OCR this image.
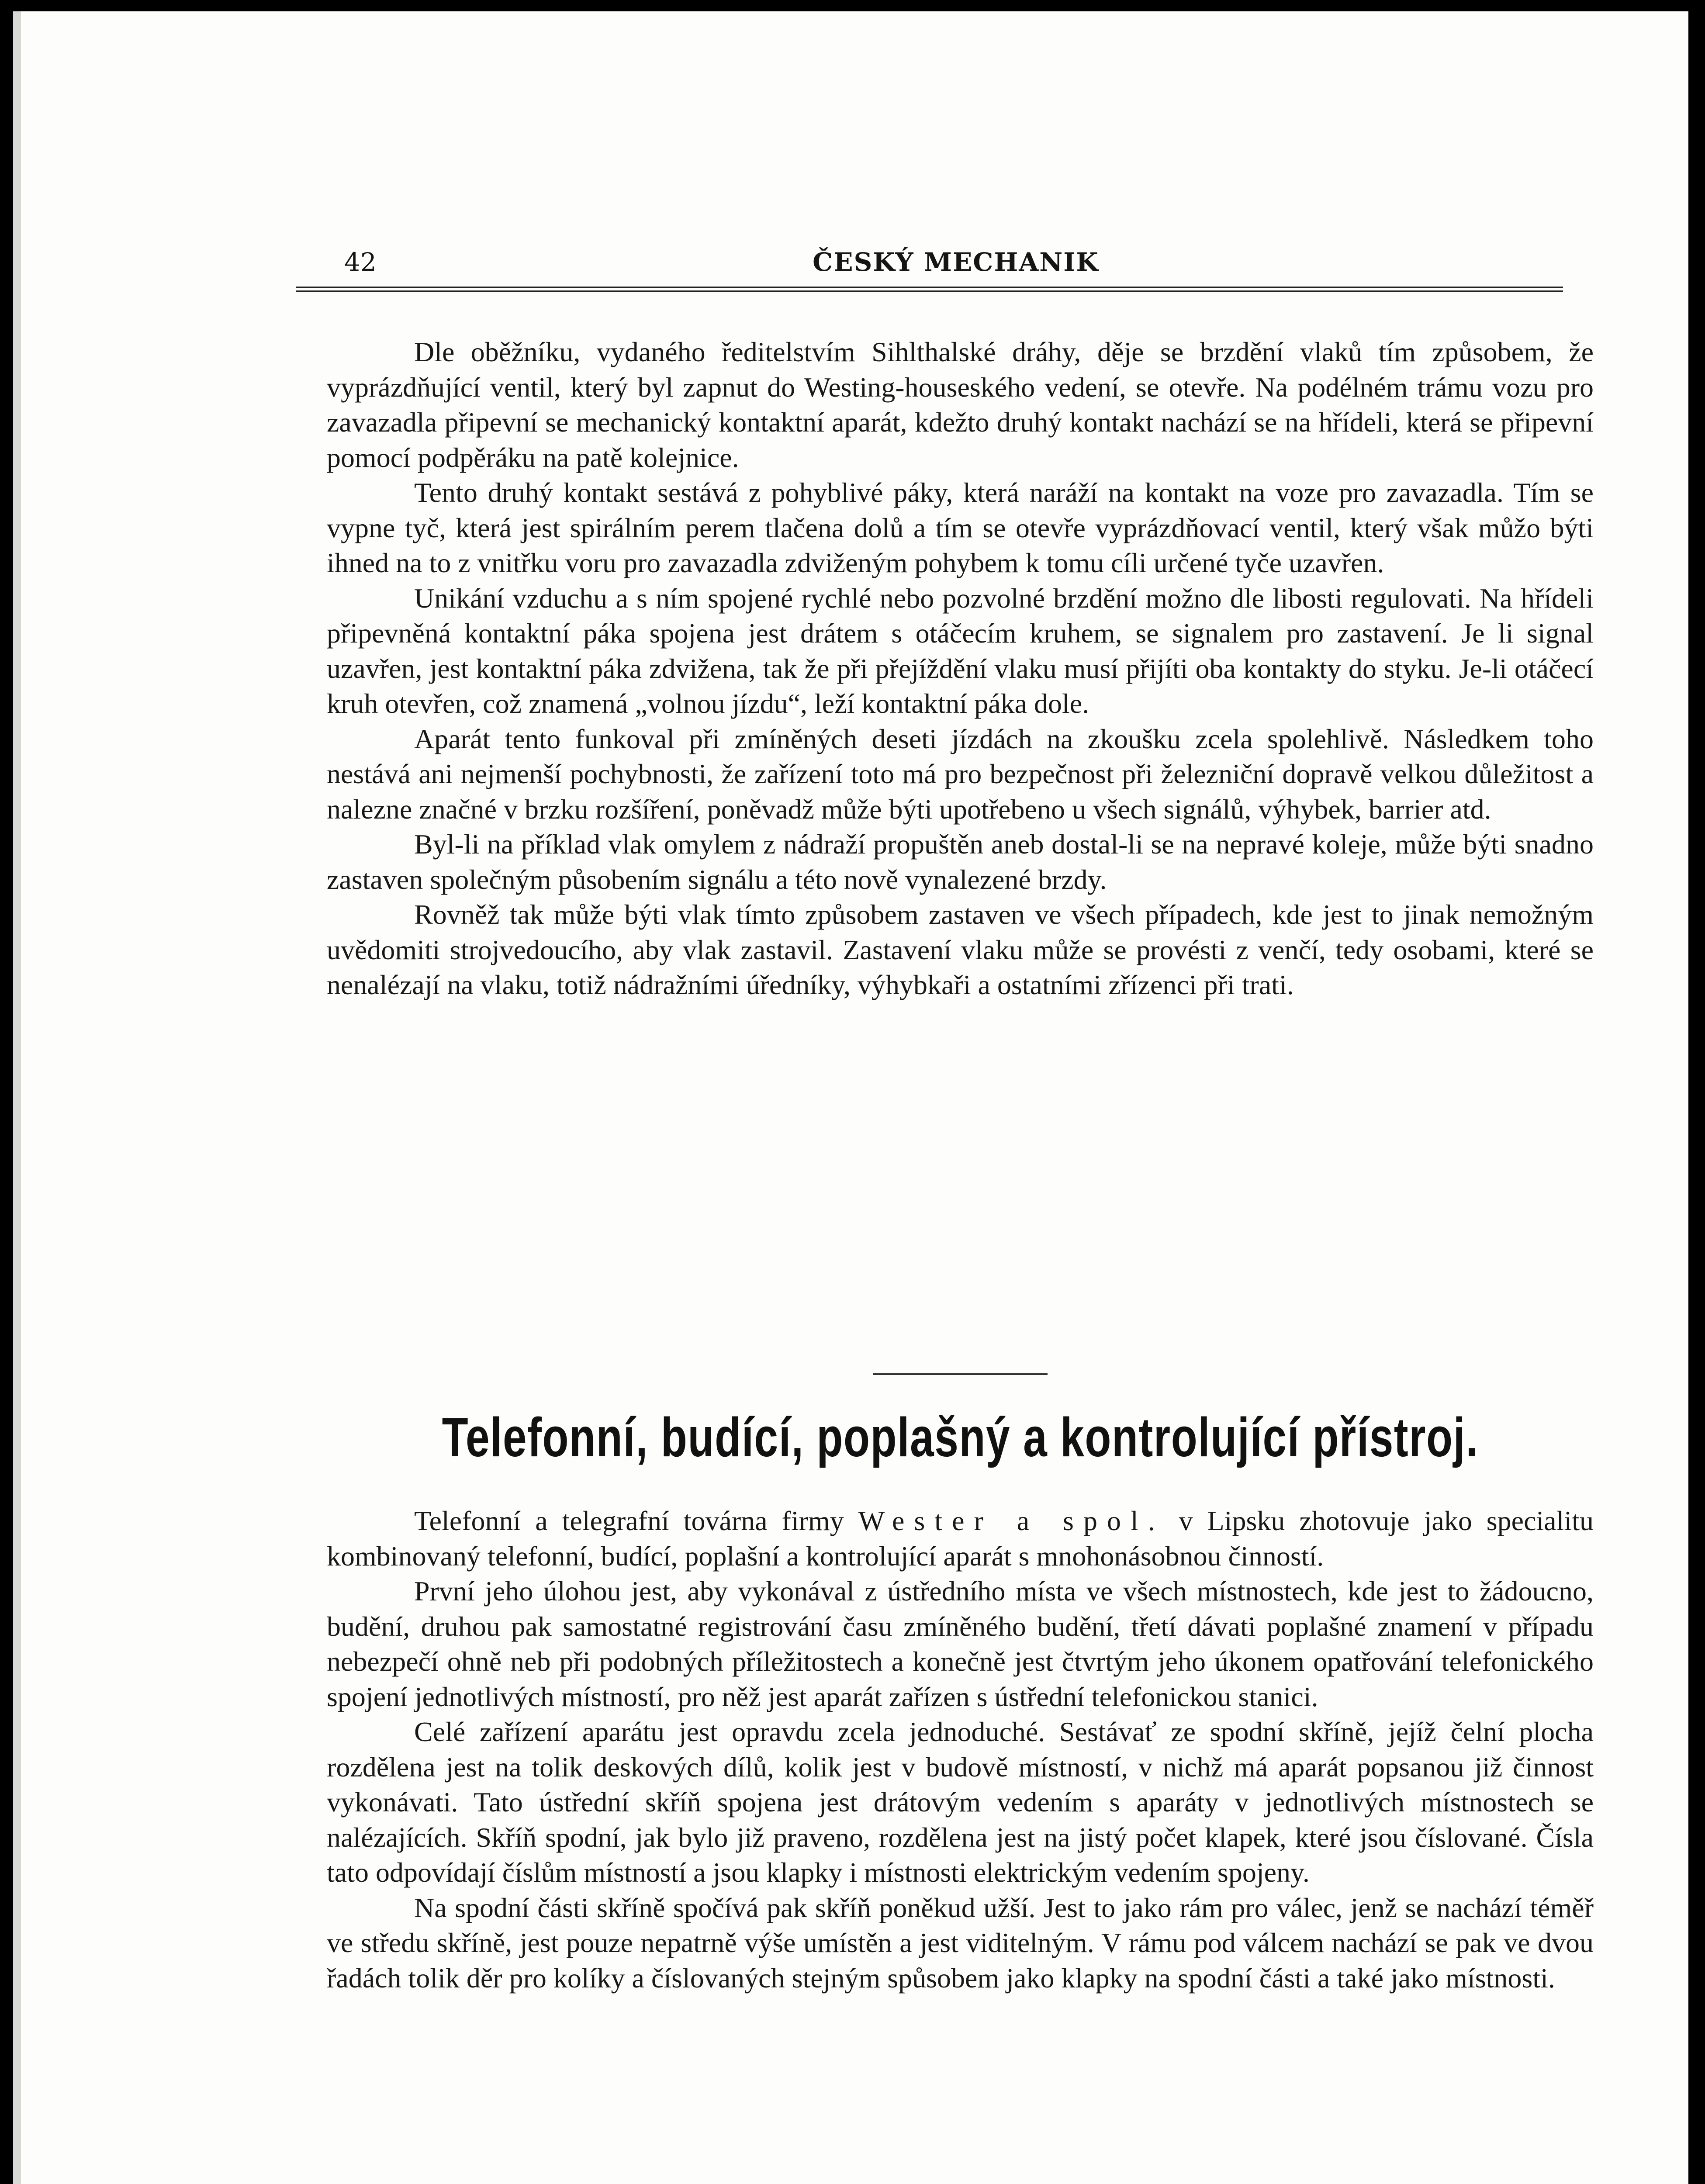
42	ČESKÝ MECHANIK

Dle oběžníku, vydaného ředitelstvím Sihlthalské dráhy, děje se brzdění vlaků tím způsobem, že vyprázdňující ventil, který byl zapnut do Westing-houseského vedení, se otevře. Na podélném trámu vozu pro zavazadla připevní se mechanický kontaktní aparát, kdežto druhý kontakt nachází se na hřídeli, která se připevní pomocí podpěráku na patě kolejnice.

Tento druhý kontakt sestává z pohyblivé páky, která naráží na kontakt na voze pro zavazadla. Tím se vypne tyč, která jest spirálním perem tlačena dolů a tím se otevře vyprázdňovací ventil, který však můžo býti ihned na to z vnitřku voru pro zavazadla zdviženým pohybem k tomu cíli určené tyče uzavřen.

Unikání vzduchu a s ním spojené rychlé nebo pozvolné brzdění možno dle libosti regulovati. Na hřídeli připevněná kontaktní páka spojena jest drátem s otáčecím kruhem, se signalem pro zastavení. Je li signal uzavřen, jest kontaktní páka zdvižena, tak že při přejíždění vlaku musí přijíti oba kontakty do styku. Je-li otáčecí kruh otevřen, což znamená „volnou jízdu“, leží kontaktní páka dole.

Aparát tento funkoval při zmíněných deseti jízdách na zkoušku zcela spolehlivě. Následkem toho nestává ani nejmenší pochybnosti, že zařízení toto má pro bezpečnost při železniční dopravě velkou důležitost a nalezne značné v brzku rozšíření, poněvadž může býti upotřebeno u všech signálů, výhybek, barrier atd.

Byl-li na příklad vlak omylem z nádraží propuštěn aneb dostal-li se na nepravé koleje, může býti snadno zastaven společným působením signálu a této nově vynalezené brzdy.

Rovněž tak může býti vlak tímto způsobem zastaven ve všech případech, kde jest to jinak nemožným uvědomiti strojvedoucího, aby vlak zastavil. Zastavení vlaku může se provésti z venčí, tedy osobami, které se nenalézají na vlaku, totiž nádražními úředníky, výhybkaři a ostatními zřízenci při trati.

Telefonní, budící, poplašný a kontrolující přístroj.

Telefonní a telegrafní továrna firmy Wester a spol. v Lipsku zhotovuje jako specialitu kombinovaný telefonní, budící, poplašní a kontrolující aparát s mnohonásobnou činností.

První jeho úlohou jest, aby vykonával z ústředního místa ve všech místnostech, kde jest to žádoucno, budění, druhou pak samostatné registrování času zmíněného budění, třetí dávati poplašné znamení v případu nebezpečí ohně neb při podobných příležitostech a konečně jest čtvrtým jeho úkonem opatřování telefonického spojení jednotlivých místností, pro něž jest aparát zařízen s ústřední telefonickou stanici.

Celé zařízení aparátu jest opravdu zcela jednoduché. Sestávať ze spodní skříně, jejíž čelní plocha rozdělena jest na tolik deskových dílů, kolik jest v budově místností, v nichž má aparát popsanou již činnost vykonávati. Tato ústřední skříň spojena jest drátovým vedením s aparáty v jednotlivých místnostech se nalézajících. Skříň spodní, jak bylo již praveno, rozdělena jest na jistý počet klapek, které jsou číslované. Čísla tato odpovídají číslům místností a jsou klapky i místnosti elektrickým vedením spojeny.

Na spodní části skříně spočívá pak skříň poněkud užší. Jest to jako rám pro válec, jenž se nachází téměř ve středu skříně, jest pouze nepatrně výše umístěn a jest viditelným. V rámu pod válcem nachází se pak ve dvou řadách tolik děr pro kolíky a číslovaných stejným spůsobem jako klapky na spodní části a také jako místnosti.
